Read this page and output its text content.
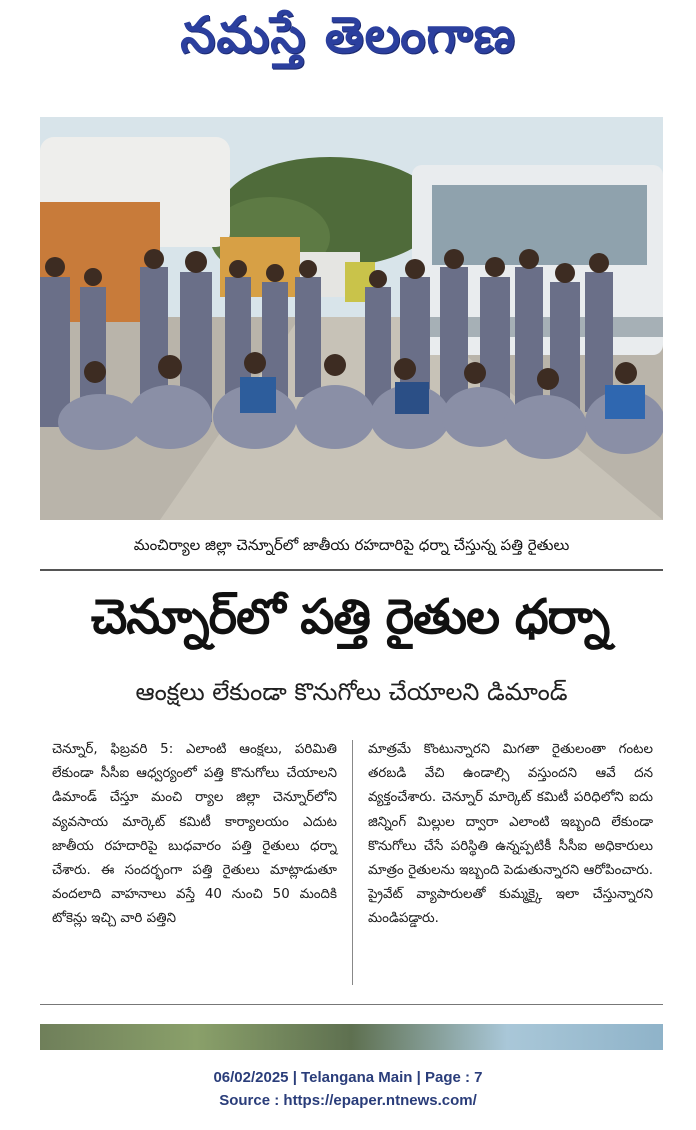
నమస్తే తెలంగాణ
మంచిర్యాల జిల్లా చెన్నూర్‌లో జాతీయ రహదారిపై ధర్నా చేస్తున్న పత్తి రైతులు
చెన్నూర్‌లో పత్తి రైతుల ధర్నా
ఆంక్షలు లేకుండా కొనుగోలు చేయాలని డిమాండ్
చెన్నూర్, ఫిబ్రవరి 5: ఎలాంటి ఆంక్షలు, పరిమితి లేకుండా సీసీఐ ఆధ్వర్యంలో పత్తి కొనుగోలు చేయాలని డిమాండ్ చేస్తూ మంచి ర్యాల జిల్లా చెన్నూర్‌లోని వ్యవసాయ మార్కెట్ కమిటీ కార్యాలయం ఎదుట జాతీయ రహదారిపై బుధవారం పత్తి రైతులు ధర్నా చేశారు. ఈ సందర్భంగా పత్తి రైతులు మాట్లాడుతూ వందలాది వాహనాలు వస్తే 40 నుంచి 50 మందికి టోకెన్లు ఇచ్చి వారి పత్తిని
మాత్రమే కొంటున్నారని మిగతా రైతులంతా గంటల తరబడి వేచి ఉండాల్సి వస్తుందని ఆవే దన వ్యక్తంచేశారు. చెన్నూర్ మార్కెట్ కమిటీ పరిధిలోని ఐదు జిన్నింగ్ మిల్లుల ద్వారా ఎలాంటి ఇబ్బంది లేకుండా కొనుగోలు చేసే పరిస్థితి ఉన్నప్పటికీ సీసీఐ అధికారులు మాత్రం రైతులను ఇబ్బంది పెడుతున్నారని ఆరోపించారు. ప్రైవేట్ వ్యాపారులతో కుమ్మక్కై ఇలా చేస్తున్నారని మండిపడ్డారు.
06/02/2025 | Telangana Main | Page : 7
Source : https://epaper.ntnews.com/
